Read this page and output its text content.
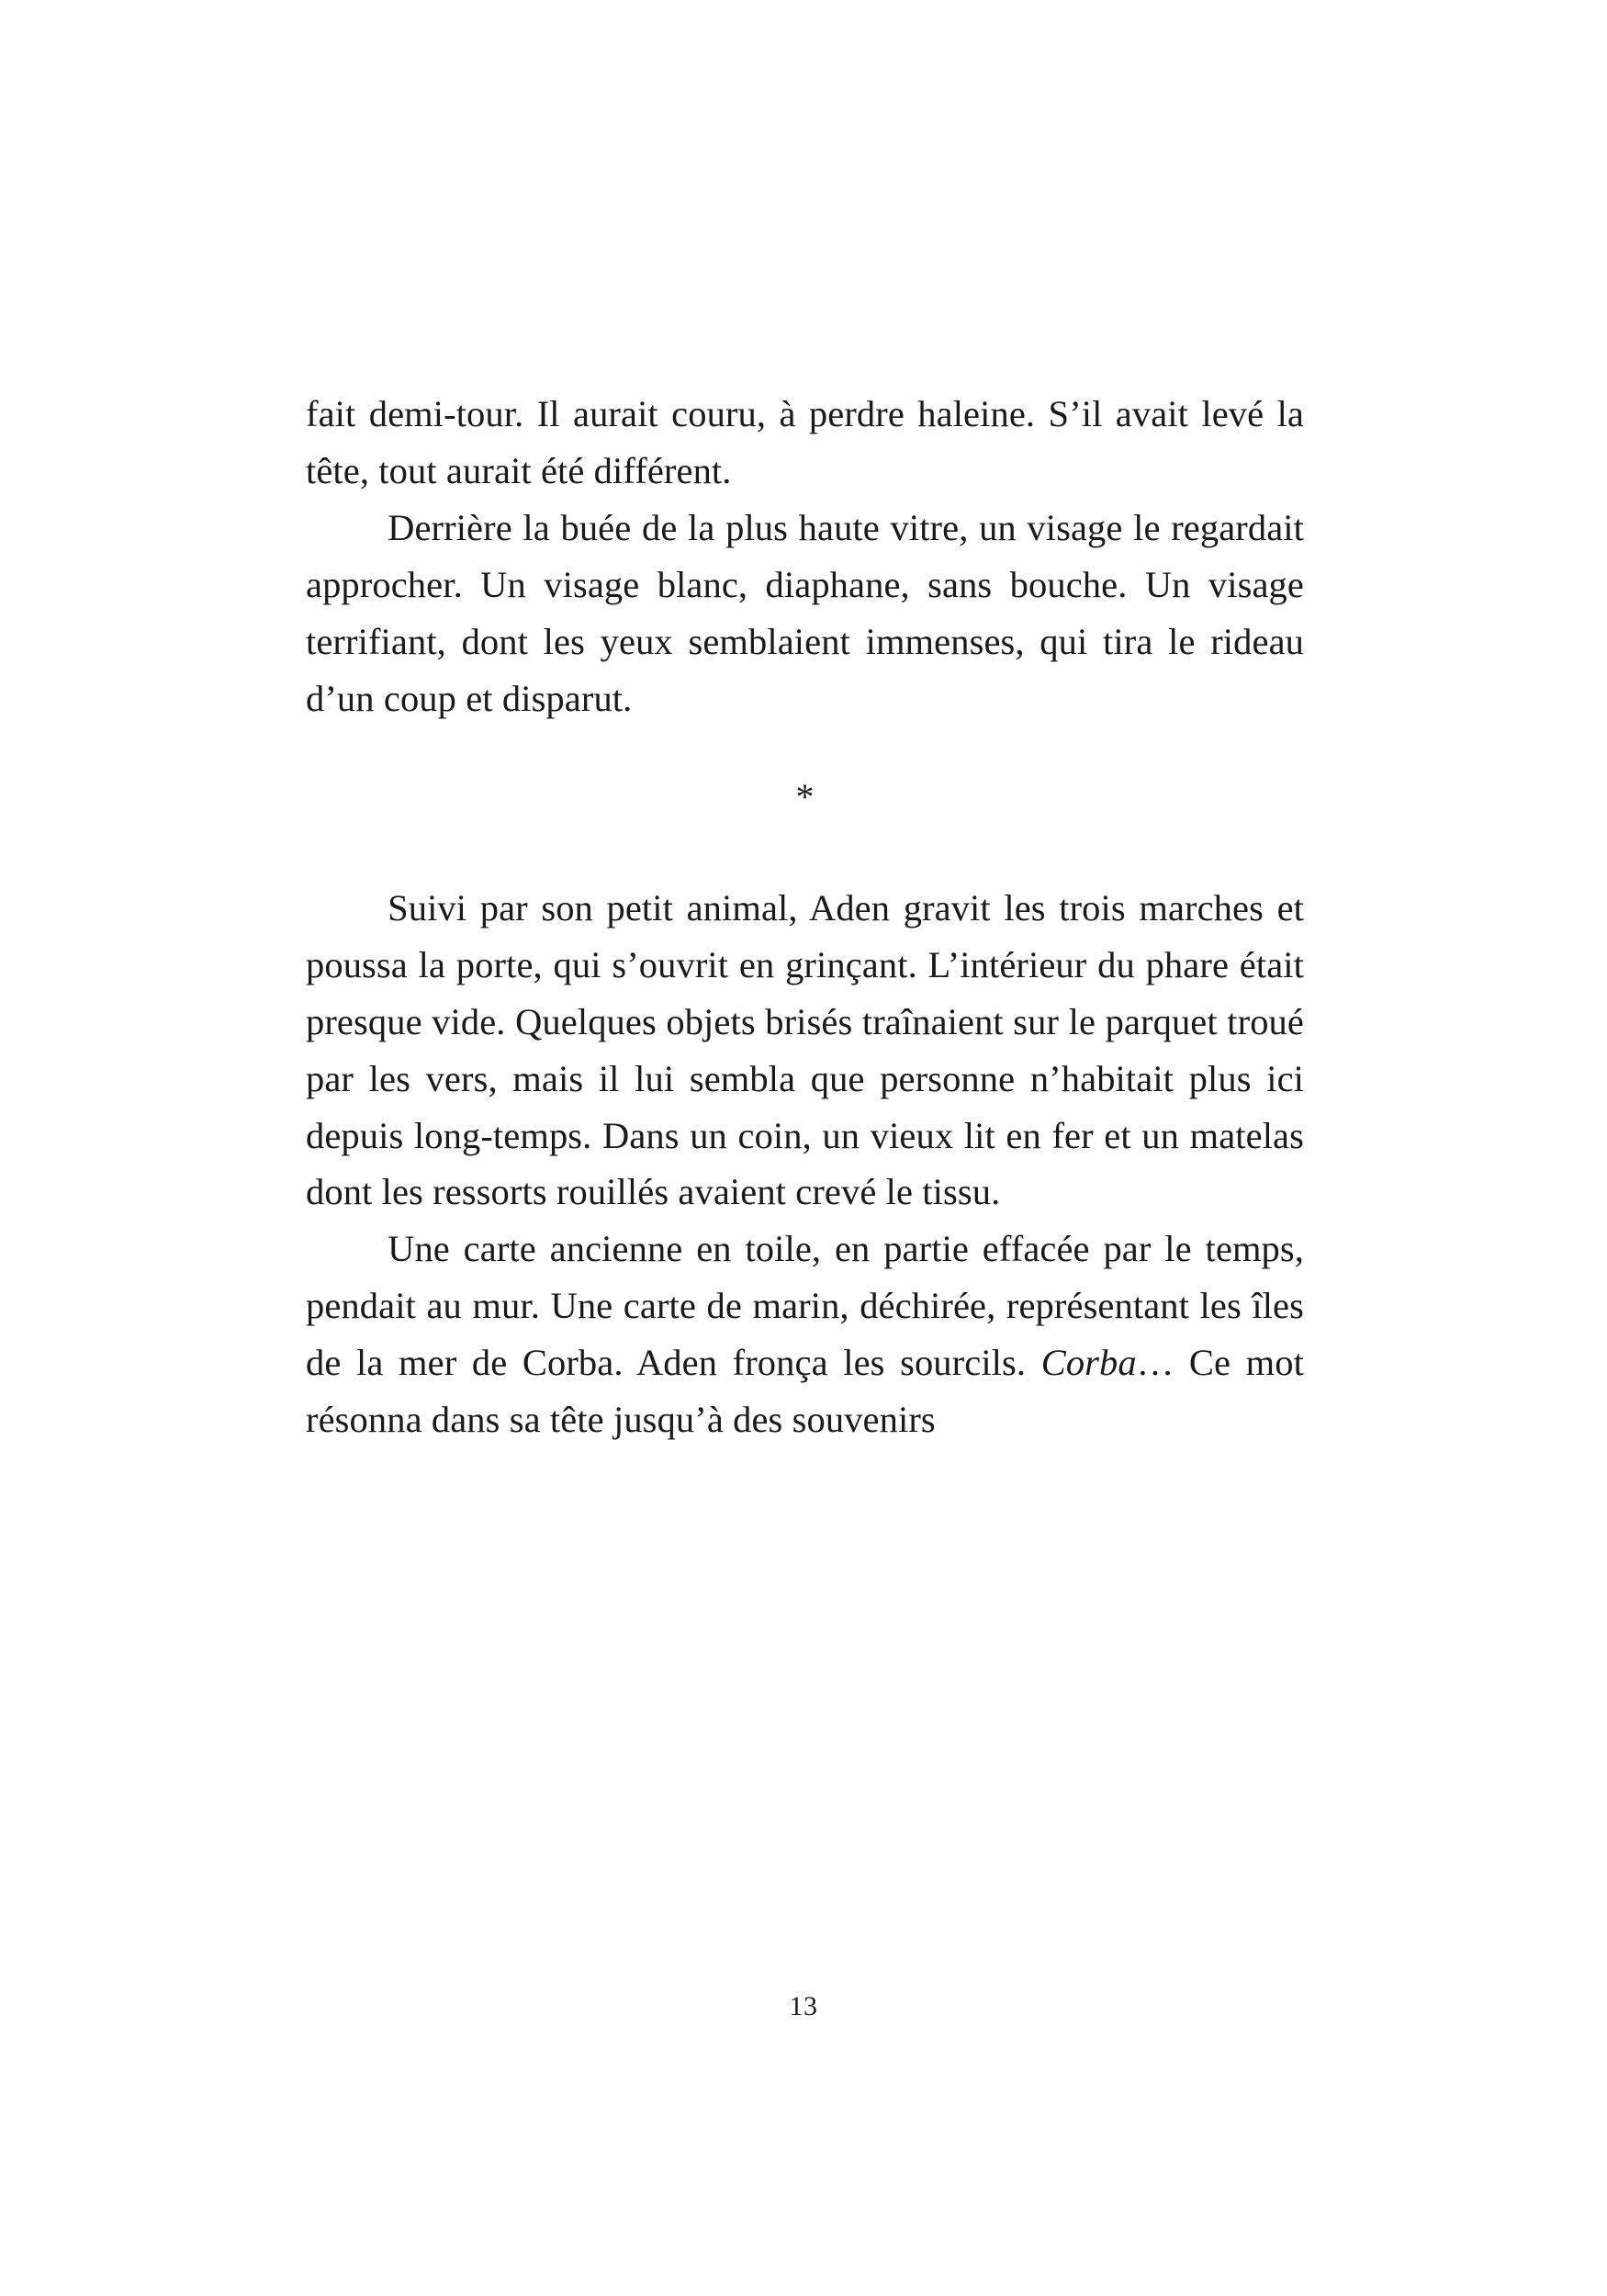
fait demi-tour. Il aurait couru, à perdre haleine. S’il avait levé la tête, tout aurait été différent.

Derrière la buée de la plus haute vitre, un visage le regardait approcher. Un visage blanc, diaphane, sans bouche. Un visage terrifiant, dont les yeux semblaient immenses, qui tira le rideau d’un coup et disparut.

*

Suivi par son petit animal, Aden gravit les trois marches et poussa la porte, qui s’ouvrit en grinçant. L’intérieur du phare était presque vide. Quelques objets brisés traînaient sur le parquet troué par les vers, mais il lui sembla que personne n’habitait plus ici depuis long-temps. Dans un coin, un vieux lit en fer et un matelas dont les ressorts rouillés avaient crevé le tissu.

Une carte ancienne en toile, en partie effacée par le temps, pendait au mur. Une carte de marin, déchirée, représentant les îles de la mer de Corba. Aden fronça les sourcils. Corba… Ce mot résonna dans sa tête jusqu’à des souvenirs

13
